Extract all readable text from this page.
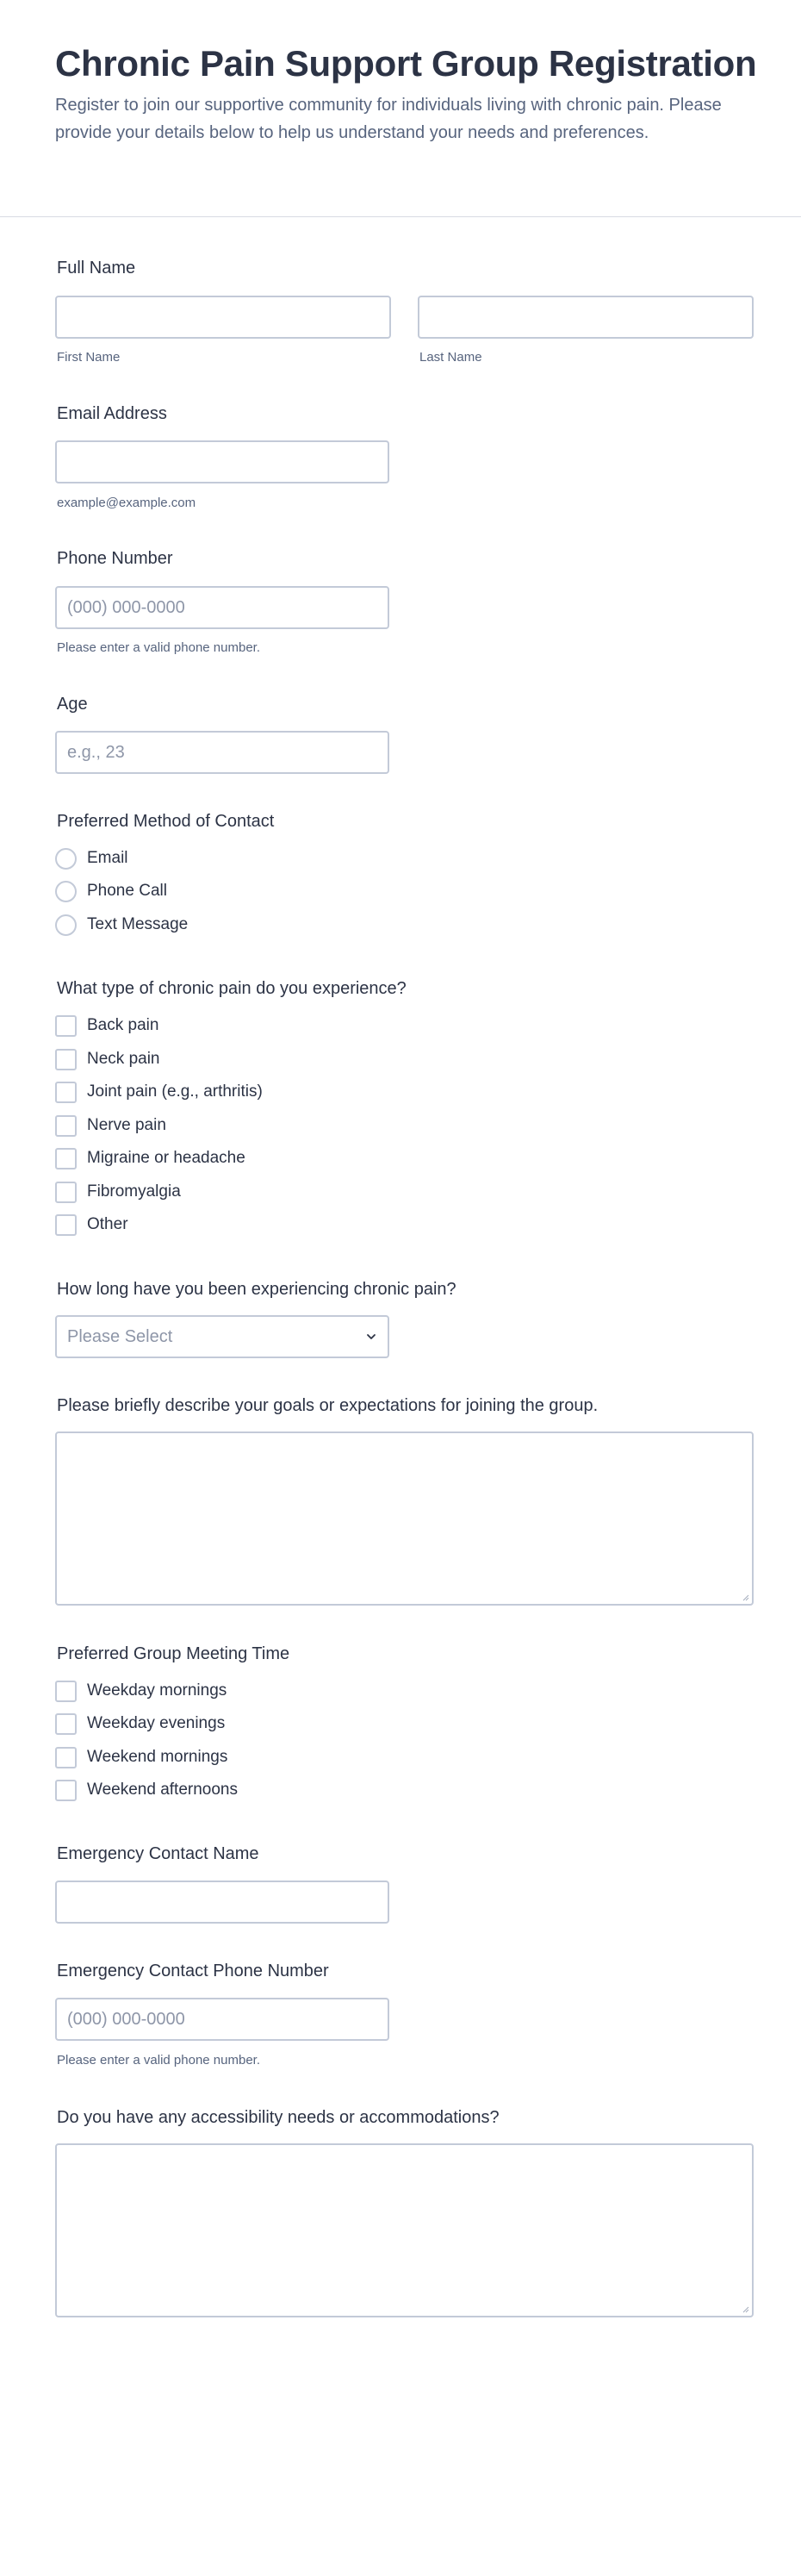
Chronic Pain Support Group Registration
Register to join our supportive community for individuals living with chronic pain. Please provide your details below to help us understand your needs and preferences.
Full Name
First Name	Last Name
Email Address
example@example.com
Phone Number
(000) 000-0000
Please enter a valid phone number.
Age
e.g., 23
Preferred Method of Contact
Email
Phone Call
Text Message
What type of chronic pain do you experience?
Back pain
Neck pain
Joint pain (e.g., arthritis)
Nerve pain
Migraine or headache
Fibromyalgia
Other
How long have you been experiencing chronic pain?
Please Select
Please briefly describe your goals or expectations for joining the group.
Preferred Group Meeting Time
Weekday mornings
Weekday evenings
Weekend mornings
Weekend afternoons
Emergency Contact Name
Emergency Contact Phone Number
(000) 000-0000
Please enter a valid phone number.
Do you have any accessibility needs or accommodations?
